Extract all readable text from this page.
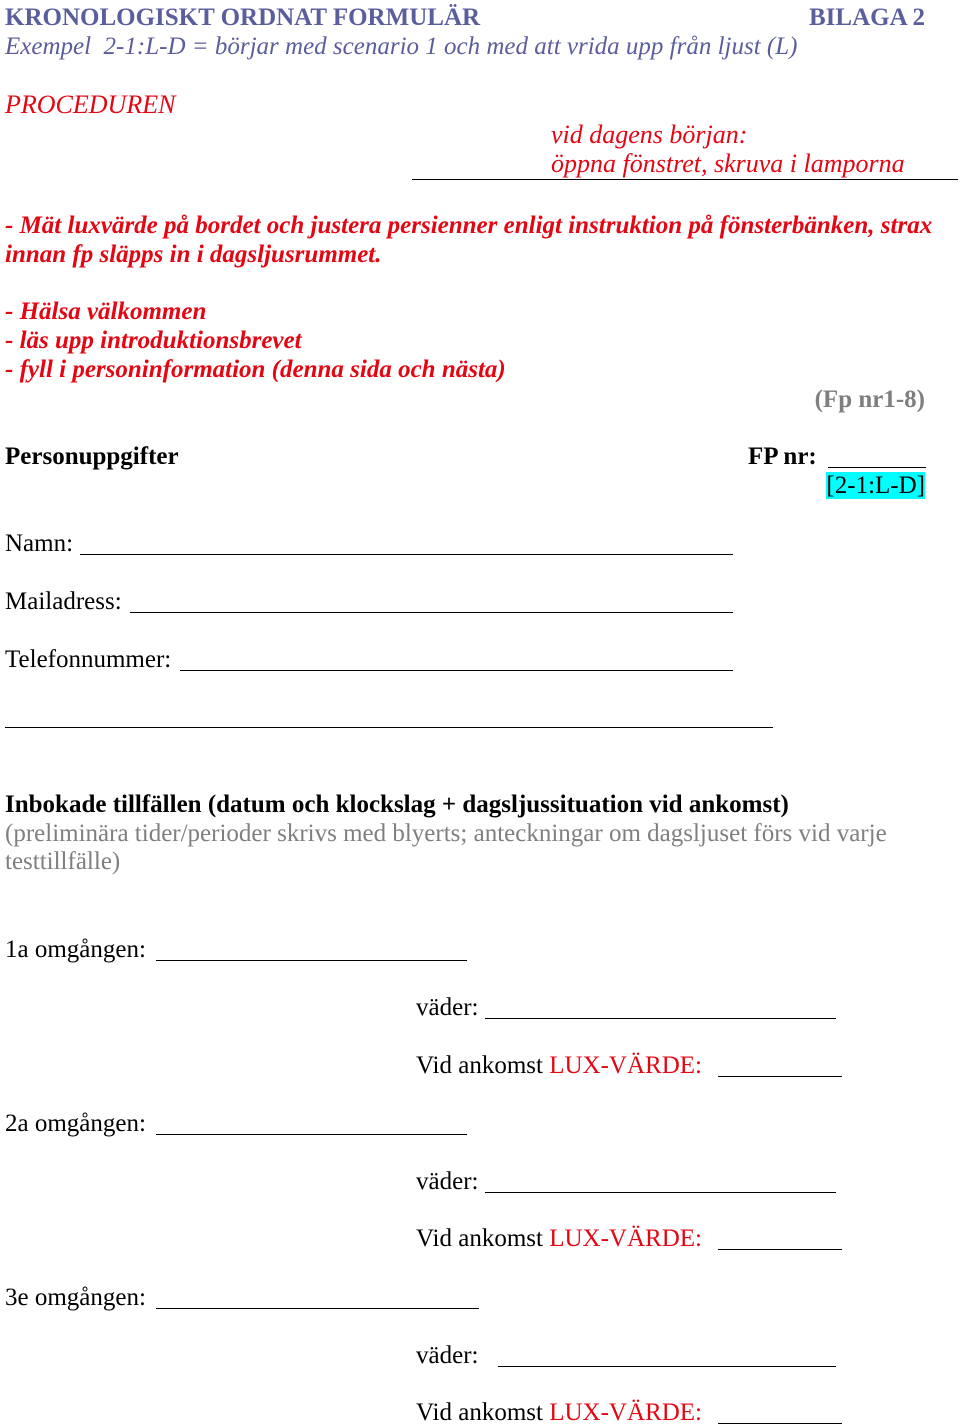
KRONOLOGISKT ORDNAT FORMULÄR	BILAGA 2
Exempel  2-1:L-D = börjar med scenario 1 och med att vrida upp från ljust (L)
PROCEDUREN
vid dagens början:
öppna fönstret, skruva i lamporna
- Mät luxvärde på bordet och justera persienner enligt instruktion på fönsterbänken, strax
innan fp släpps in i dagsljusrummet.
- Hälsa välkommen
- läs upp introduktionsbrevet
- fyll i personinformation (denna sida och nästa)
(Fp nr1-8)
Personuppgifter	FP nr:
[2-1:L-D]
Namn:
Mailadress:
Telefonnummer:
Inbokade tillfällen (datum och klockslag + dagsljussituation vid ankomst)
(preliminära tider/perioder skrivs med blyerts; anteckningar om dagsljuset förs vid varje
testtillfälle)
1a omgången:
väder:
Vid ankomst LUX-VÄRDE:
2a omgången:
väder:
Vid ankomst LUX-VÄRDE:
3e omgången:
väder:
Vid ankomst LUX-VÄRDE:
